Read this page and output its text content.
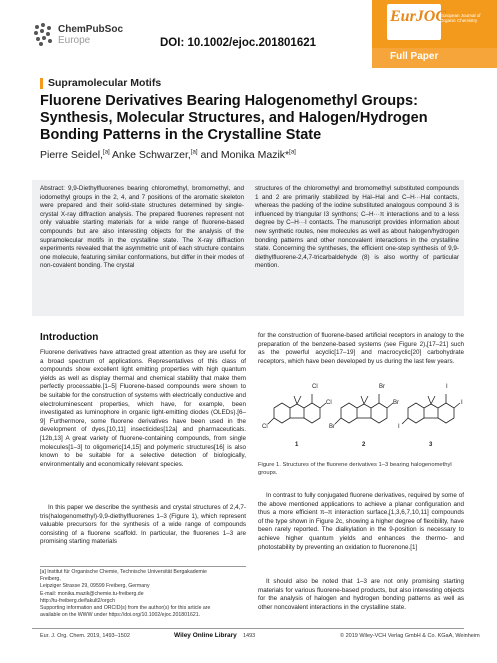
ChemPubSoc
Europe	DOI: 10.1002/ejoc.201801621
EurJOC
European Journal of Organic Chemistry
Full Paper
Supramolecular Motifs
Fluorene Derivatives Bearing Halogenomethyl Groups: Synthesis, Molecular Structures, and Halogen/Hydrogen Bonding Patterns in the Crystalline State
Pierre Seidel,[a] Anke Schwarzer,[a] and Monika Mazik*[a]
Abstract: 9,9-Diethylfluorenes bearing chloromethyl, bromomethyl, and iodomethyl groups in the 2, 4, and 7 positions of the aromatic skeleton were prepared and their solid-state structures determined by single-crystal X-ray diffraction analysis. The prepared fluorenes represent not only valuable starting materials for a wide range of fluorene-based compounds but are also interesting objects for the analysis of the supramolecular motifs in the crystalline state. The X-ray diffraction experiments revealed that the asymmetric unit of each structure contains one molecule, featuring similar conformations, but differ in their modes of non-covalent bonding. The crystal
structures of the chloromethyl and bromomethyl substituted compounds 1 and 2 are primarily stabilized by Hal–Hal and C–H···Hal contacts, whereas the packing of the iodine substituted analogous compound 3 is influenced by triangular I3 synthons; C–H···π interactions and to a less degree by C–H···I contacts. The manuscript provides information about new synthetic routes, new molecules as well as about halogen/hydrogen bonding patterns and other noncovalent interactions in the crystalline state. Concerning the syntheses, the efficient one-step synthesis of 9,9-diethylfluorene-2,4,7-tricarbaldehyde (8) is also worthy of particular mention.
Introduction
Fluorene derivatives have attracted great attention as they are useful for a broad spectrum of applications. Representatives of this class of compounds show excellent light emitting properties with high quantum yields as well as display thermal and chemical stability that make them perfectly processable.[1–5] Fluorene-based compounds were shown to be suitable for the construction of systems with electrically conductive and electroluminescent properties, which have, for example, been investigated as luminophore in organic light-emitting diodes (OLEDs).[6–9] Furthermore, some fluorene derivatives have been used in the development of dyes,[10,11] insecticides[12a] and pharmaceuticals.[12b,13] A great variety of fluorene-containing compounds, from single molecules[1–3] to oligomeric[14,15] and polymeric structures[16] is also known to be suitable for a selective detection of biologically, environmentally and economically relevant species.
In this paper we describe the synthesis and crystal structures of 2,4,7-tris(halogenomethyl)-9,9-diethylfluorenes 1–3 (Figure 1), which represent valuable precursors for the synthesis of a wide range of compounds consisting of a fluorene scaffold. In particular, the fluorenes 1–3 are promising starting materials
for the construction of fluorene-based artificial receptors in analogy to the preparation of the benzene-based systems (see Figure 2),[17–21] such as the powerful acyclic[17–19] and macrocyclic[20] carbohydrate receptors, which have been developed by us during the last few years.
Cl
Cl
Cl
Br
Br
Br
I
I
I
1	2	3
Figure 1. Structures of the fluorene derivatives 1–3 bearing halogenomethyl groups.
In contrast to fully conjugated fluorene derivatives, required by some of the above mentioned applications to achieve a planar configuration and thus a more efficient π–π interaction surface,[1,3,6,7,10,11] compounds of the type shown in Figure 2c, showing a higher degree of flexibility, have been rarely reported. The dialkylation in the 9-position is necessary to achieve higher quantum yields and enhances the thermo- and photostability by preventing an oxidation to fluorenone.[1]
It should also be noted that 1–3 are not only promising starting materials for various fluorene-based products, but also interesting objects for the analysis of halogen and hydrogen bonding patterns as well as other noncovalent interactions in the crystalline state.
[a] Institut für Organische Chemie, Technische Universität Bergakademie
Freiberg,
Leipziger Strasse 29, 09599 Freiberg, Germany
E-mail: monika.mazik@chemie.tu-freiberg.de
http://tu-freiberg.de/fakult2/orgch
Supporting information and ORCID(s) from the author(s) for this article are
available on the WWW under https://doi.org/10.1002/ejoc.201801621.
Eur. J. Org. Chem. 2019, 1493–1502	Wiley Online Library 1493	© 2019 Wiley-VCH Verlag GmbH & Co. KGaA, Weinheim
